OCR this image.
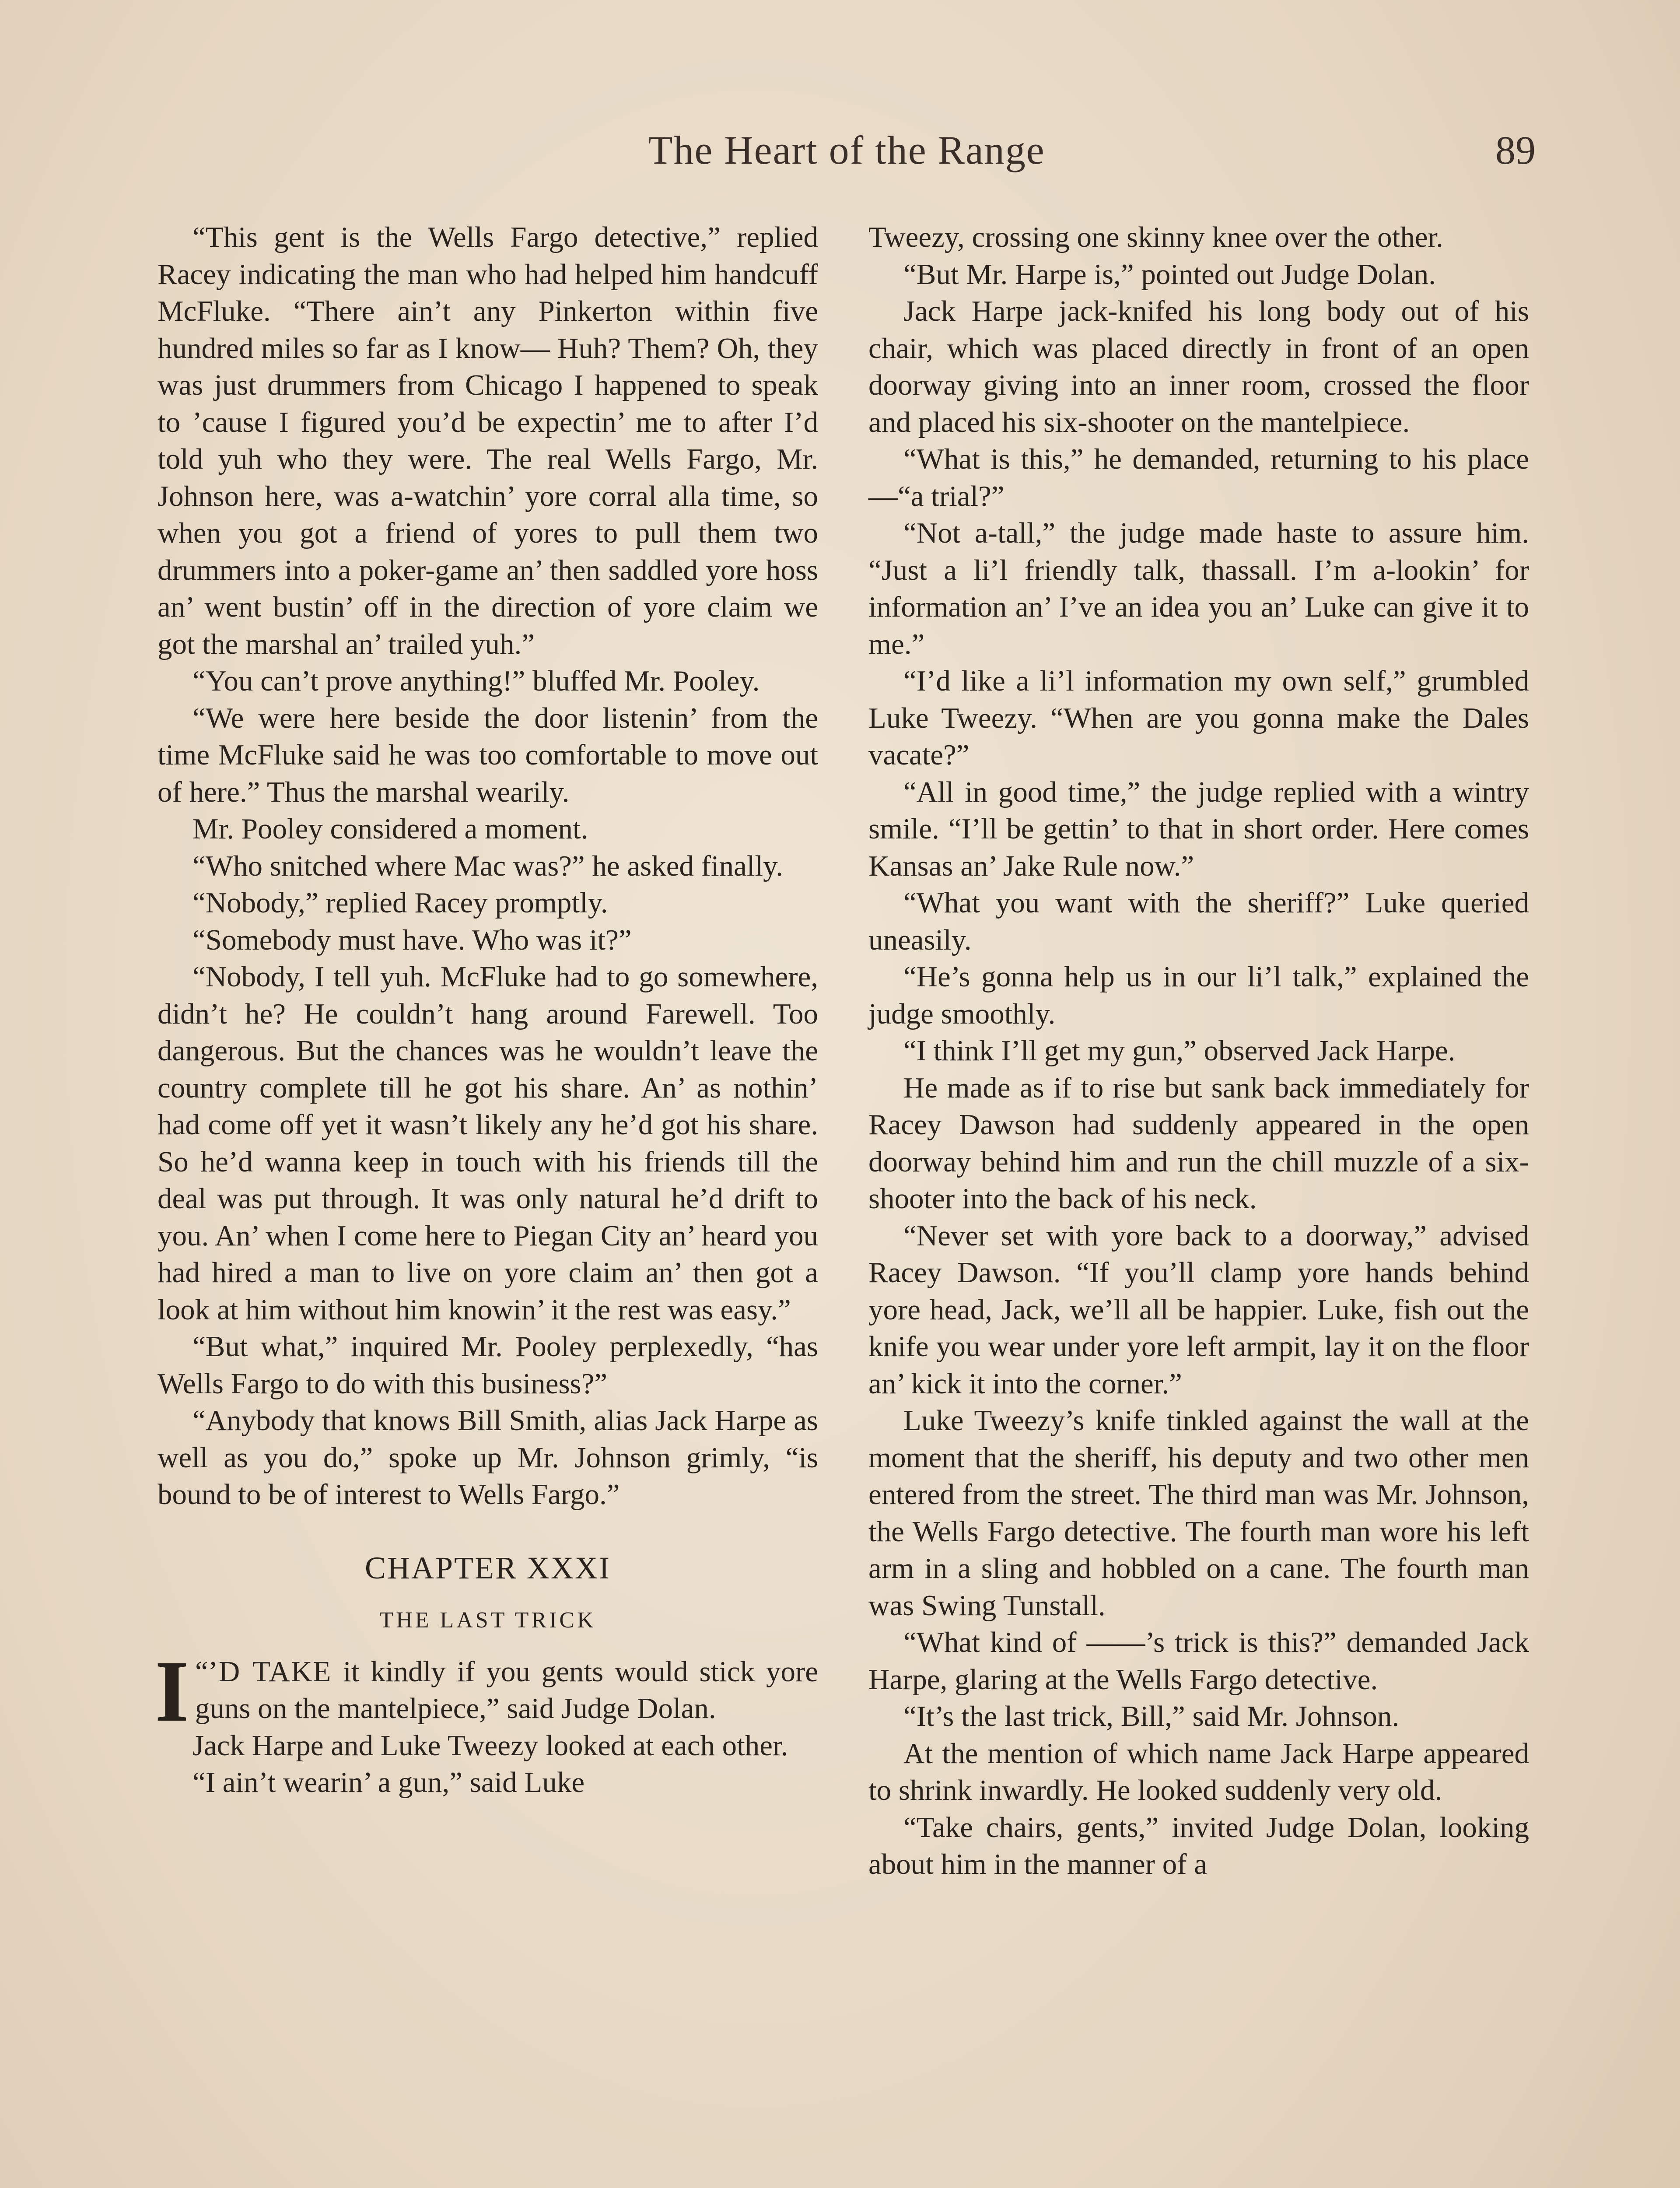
The Heart of the Range	89

“This gent is the Wells Fargo detective,” replied Racey indicating the man who had helped him handcuff McFluke. “There ain’t any Pinkerton within five hundred miles so far as I know— Huh? Them? Oh, they was just drummers from Chicago I happened to speak to ’cause I figured you’d be expectin’ me to after I’d told yuh who they were. The real Wells Fargo, Mr. Johnson here, was a-watchin’ yore corral alla time, so when you got a friend of yores to pull them two drummers into a poker-game an’ then saddled yore hoss an’ went bustin’ off in the direction of yore claim we got the marshal an’ trailed yuh.”

“You can’t prove anything!” bluffed Mr. Pooley.

“We were here beside the door listenin’ from the time McFluke said he was too comfortable to move out of here.” Thus the marshal wearily.

Mr. Pooley considered a moment.

“Who snitched where Mac was?” he asked finally.

“Nobody,” replied Racey promptly.

“Somebody must have. Who was it?”

“Nobody, I tell yuh. McFluke had to go somewhere, didn’t he? He couldn’t hang around Farewell. Too dangerous. But the chances was he wouldn’t leave the country complete till he got his share. An’ as nothin’ had come off yet it wasn’t likely any he’d got his share. So he’d wanna keep in touch with his friends till the deal was put through. It was only natural he’d drift to you. An’ when I come here to Piegan City an’ heard you had hired a man to live on yore claim an’ then got a look at him without him knowin’ it the rest was easy.”

“But what,” inquired Mr. Pooley perplexedly, “has Wells Fargo to do with this business?”

“Anybody that knows Bill Smith, alias Jack Harpe as well as you do,” spoke up Mr. Johnson grimly, “is bound to be of interest to Wells Fargo.”

CHAPTER XXXI
THE LAST TRICK

“
I ’D TAKE it kindly if you gents would stick yore guns on the mantelpiece,” said Judge Dolan.

Jack Harpe and Luke Tweezy looked at each other.

“I ain’t wearin’ a gun,” said Luke

Tweezy, crossing one skinny knee over the other.

“But Mr. Harpe is,” pointed out Judge Dolan.

Jack Harpe jack-knifed his long body out of his chair, which was placed directly in front of an open doorway giving into an inner room, crossed the floor and placed his six-shooter on the mantelpiece.

“What is this,” he demanded, returning to his place—“a trial?”

“Not a-tall,” the judge made haste to assure him. “Just a li’l friendly talk, thassall. I’m a-lookin’ for information an’ I’ve an idea you an’ Luke can give it to me.”

“I’d like a li’l information my own self,” grumbled Luke Tweezy. “When are you gonna make the Dales vacate?”

“All in good time,” the judge replied with a wintry smile. “I’ll be gettin’ to that in short order. Here comes Kansas an’ Jake Rule now.”

“What you want with the sheriff?” Luke queried uneasily.

“He’s gonna help us in our li’l talk,” explained the judge smoothly.

“I think I’ll get my gun,” observed Jack Harpe.

He made as if to rise but sank back immediately for Racey Dawson had suddenly appeared in the open doorway behind him and run the chill muzzle of a six-shooter into the back of his neck.

“Never set with yore back to a doorway,” advised Racey Dawson. “If you’ll clamp yore hands behind yore head, Jack, we’ll all be happier. Luke, fish out the knife you wear under yore left armpit, lay it on the floor an’ kick it into the corner.”

Luke Tweezy’s knife tinkled against the wall at the moment that the sheriff, his deputy and two other men entered from the street. The third man was Mr. Johnson, the Wells Fargo detective. The fourth man wore his left arm in a sling and hobbled on a cane. The fourth man was Swing Tunstall.

“What kind of ——’s trick is this?” demanded Jack Harpe, glaring at the Wells Fargo detective.

“It’s the last trick, Bill,” said Mr. Johnson.

At the mention of which name Jack Harpe appeared to shrink inwardly. He looked suddenly very old.

“Take chairs, gents,” invited Judge Dolan, looking about him in the manner of a
